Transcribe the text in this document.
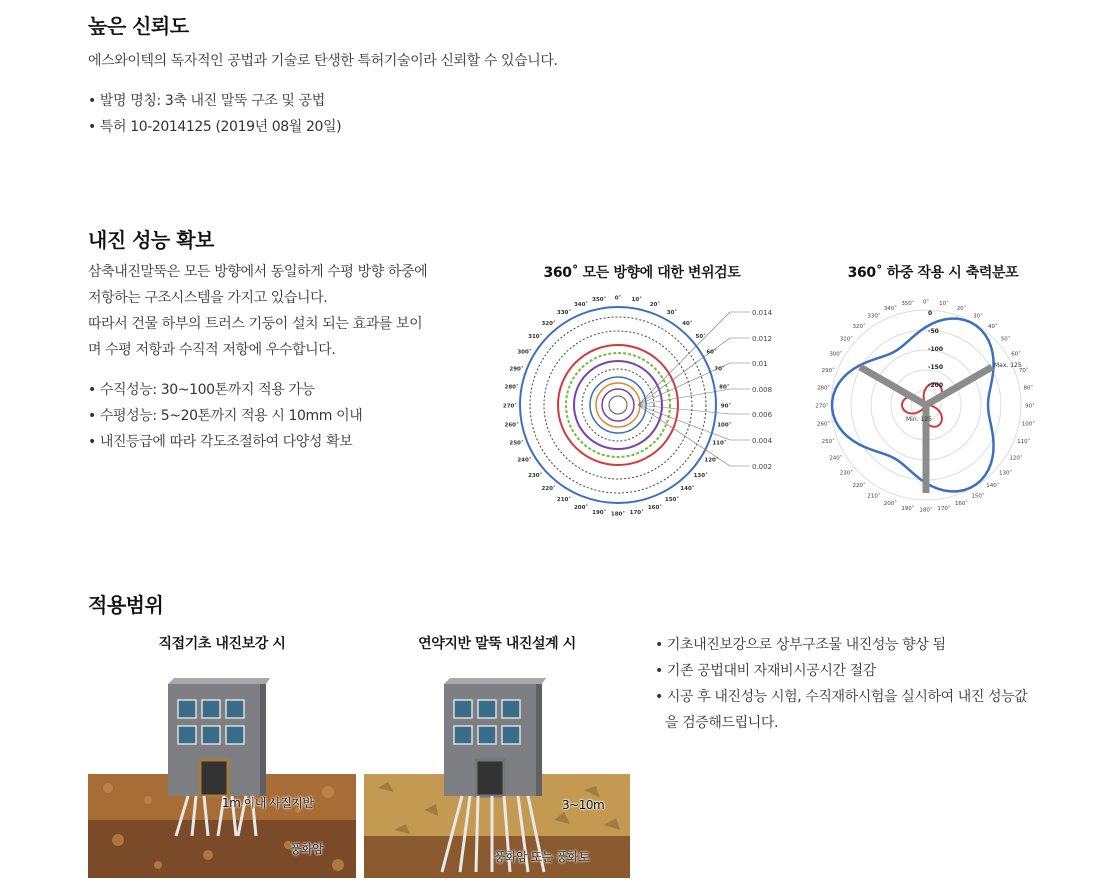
높은 신뢰도
에스와이텍의 독자적인 공법과 기술로 탄생한 특허기술이라 신뢰할 수 있습니다.
• 발명 명칭: 3축 내진 말뚝 구조 및 공법
• 특허 10-2014125 (2019년 08월 20일)
내진 성능 확보
삼축내진말뚝은 모든 방향에서 동일하게 수평 방향 하중에
저항하는 구조시스템을 가지고 있습니다.
따라서 건물 하부의 트러스 기둥이 설치 되는 효과를 보이
며 수평 저항과 수직적 저항에 우수합니다.
• 수직성능: 30~100톤까지 적용 가능
• 수평성능: 5~20톤까지 적용 시 10mm 이내
• 내진등급에 따라 각도조절하여 다양성 확보
360˚ 모든 방향에 대한 변위검토	360˚ 하중 작용 시 축력분포
0.014
0.012
0.01
0.008
0.006
0.004
0.002
0˚ 10˚
20˚
30˚
40˚
50˚
60˚
70˚
80˚
90˚
100˚
110˚
120˚
130˚
140˚
150˚
160˚
170˚
180˚
190˚
200˚
210˚
220˚
230˚
240˚
250˚
260˚
270˚
280˚
290˚
300˚
310˚
320˚
330˚
340˚
350˚
0
-50
-100
-150
-200
Max. 125
Min. 125
0˚ 10˚
20˚
30˚
40˚
50˚
60˚
70˚
80˚
90˚
100˚
110˚
120˚
130˚
140˚
150˚
160˚
170˚
180˚
190˚
200˚
210˚
220˚
230˚
240˚
250˚
260˚
270˚
280˚
290˚
300˚
310˚
320˚
330˚
340˚
350˚
적용범위
직접기초 내진보강 시	연약지반 말뚝 내진설계 시
1m 이내 사질지반
풍화암
3~10m
풍화암 또는 풍화토
• 기초내진보강으로 상부구조물 내진성능 향상 됨
• 기존 공법대비 자재비시공시간 절감
• 시공 후 내진성능 시험, 수직재하시험을 실시하여 내진 성능값을 검증해드립니다.
